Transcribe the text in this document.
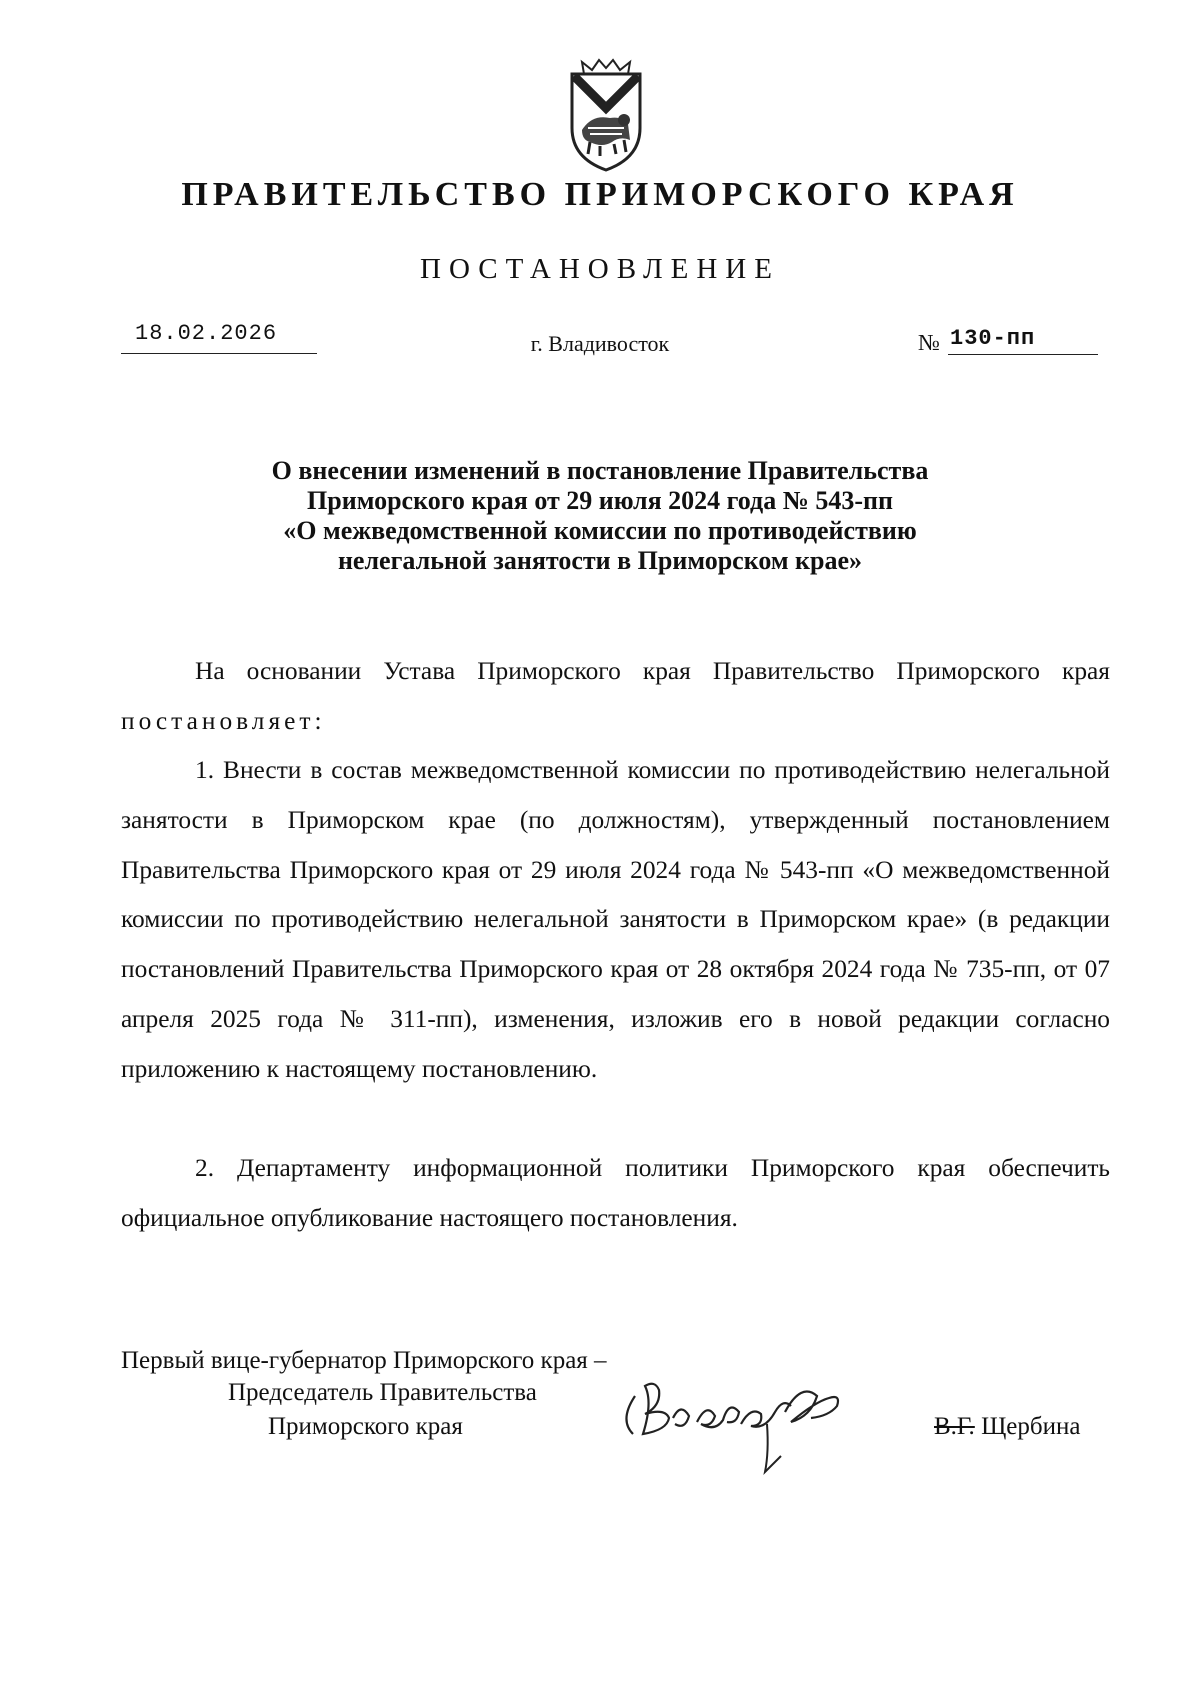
ПРАВИТЕЛЬСТВО ПРИМОРСКОГО КРАЯ
ПОСТАНОВЛЕНИЕ
18.02.2026	г. Владивосток	№ 130-пп
О внесении изменений в постановление Правительства
Приморского края от 29 июля 2024 года № 543-пп
«О межведомственной комиссии по противодействию
нелегальной занятости в Приморском крае»

На основании Устава Приморского края Правительство Приморского края постановляет:

1. Внести в состав межведомственной комиссии по противодействию нелегальной занятости в Приморском крае (по должностям), утвержденный постановлением Правительства Приморского края от 29 июля 2024 года № 543-пп «О межведомственной комиссии по противодействию нелегальной занятости в Приморском крае» (в редакции постановлений Правительства Приморского края от 28 октября 2024 года № 735-пп, от 07 апреля 2025 года № 311-пп), изменения, изложив его в новой редакции согласно приложению к настоящему постановлению.

2. Департаменту информационной политики Приморского края обеспечить официальное опубликование настоящего постановления.

Первый вице-губернатор Приморского края –
Председатель Правительства
Приморского края	В.Г. Щербина
